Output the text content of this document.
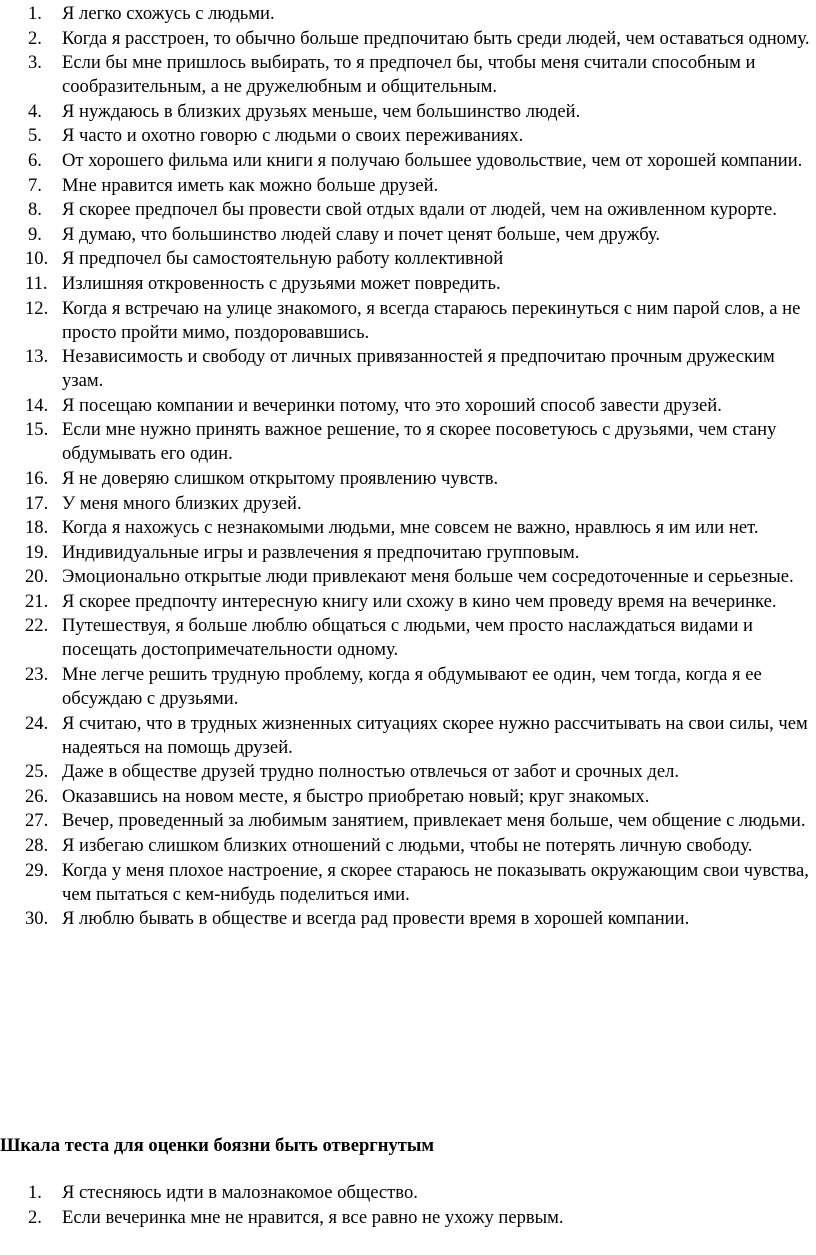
1. Я легко схожусь с людьми.
2. Когда я расстроен, то обычно больше предпочитаю быть среди людей, чем оставаться одному.
3. Если бы мне пришлось выбирать, то я предпочел бы, чтобы меня считали способным и сообразительным, а не дружелюбным и общительным.
4. Я нуждаюсь в близких друзьях меньше, чем большинство людей.
5. Я часто и охотно говорю с людьми о своих переживаниях.
6. От хорошего фильма или книги я получаю большее удовольствие, чем от хорошей компании.
7. Мне нравится иметь как можно больше друзей.
8. Я скорее предпочел бы провести свой отдых вдали от людей, чем на оживленном курорте.
9. Я думаю, что большинство людей славу и почет ценят больше, чем дружбу.
10. Я предпочел бы самостоятельную работу коллективной
11. Излишняя откровенность с друзьями может повредить.
12. Когда я встречаю на улице знакомого, я всегда стараюсь перекинуться с ним парой слов, а не просто пройти мимо, поздоровавшись.
13. Независимость и свободу от личных привязанностей я предпочитаю прочным дружеским узам.
14. Я посещаю компании и вечеринки потому, что это хороший способ завести друзей.
15. Если мне нужно принять важное решение, то я скорее посоветуюсь с друзьями, чем стану обдумывать его один.
16. Я не доверяю слишком открытому проявлению чувств.
17. У меня много близких друзей.
18. Когда я нахожусь с незнакомыми людьми, мне совсем не важно, нравлюсь я им или нет.
19. Индивидуальные игры и развлечения я предпочитаю групповым.
20. Эмоционально открытые люди привлекают меня больше чем сосредоточенные и серьезные.
21. Я скорее предпочту интересную книгу или схожу в кино чем проведу время на вечеринке.
22. Путешествуя, я больше люблю общаться с людьми, чем просто наслаждаться видами и посещать достопримечательности одному.
23. Мне легче решить трудную проблему, когда я обдумывают ее один, чем тогда, когда я ее обсуждаю с друзьями.
24. Я считаю, что в трудных жизненных ситуациях скорее нужно рассчитывать на свои силы, чем надеяться на помощь друзей.
25. Даже в обществе друзей трудно полностью отвлечься от забот и срочных дел.
26. Оказавшись на новом месте, я быстро приобретаю новый; круг знакомых.
27. Вечер, проведенный за любимым занятием, привлекает меня больше, чем общение с людьми.
28. Я избегаю слишком близких отношений с людьми, чтобы не потерять личную свободу.
29. Когда у меня плохое настроение, я скорее стараюсь не показывать окружающим свои чувства, чем пытаться с кем-нибудь поделиться ими.
30. Я люблю бывать в обществе и всегда рад провести время в хорошей компании.
Шкала теста для оценки боязни быть отвергнутым
1. Я стесняюсь идти в малознакомое общество.
2. Если вечеринка мне не нравится, я все равно не ухожу первым.
